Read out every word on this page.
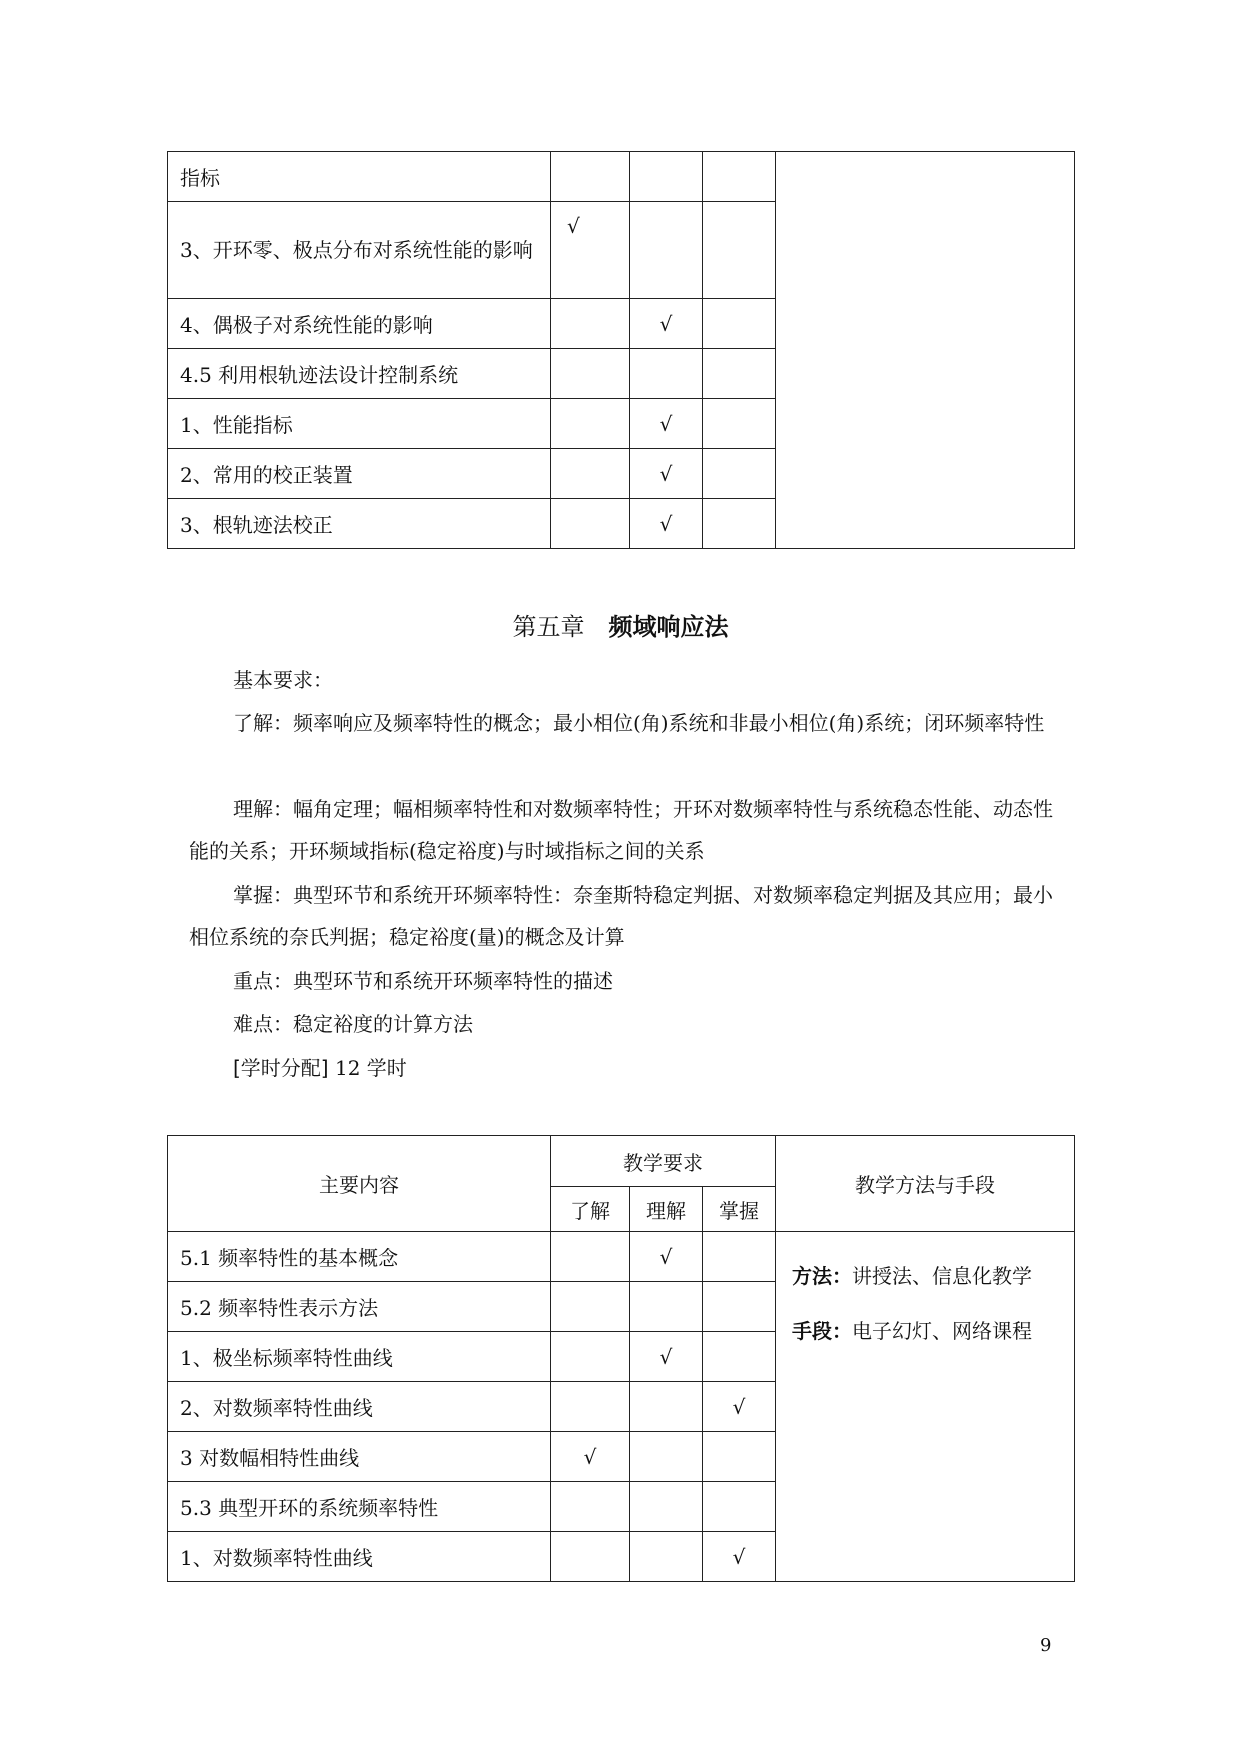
指标				
3、开环零、极点分布对系统性能的影响	√			
4、偶极子对系统性能的影响		√		
4.5 利用根轨迹法设计控制系统				
1、性能指标		√		
2、常用的校正装置		√		
3、根轨迹法校正		√		
第五章 频域响应法
基本要求：
了解：频率响应及频率特性的概念；最小相位(角)系统和非最小相位(角)系统；闭环频率特性
理解：幅角定理；幅相频率特性和对数频率特性；开环对数频率特性与系统稳态性能、动态性能的关系；开环频域指标(稳定裕度)与时域指标之间的关系
掌握：典型环节和系统开环频率特性：奈奎斯特稳定判据、对数频率稳定判据及其应用；最小相位系统的奈氏判据；稳定裕度(量)的概念及计算
重点：典型环节和系统开环频率特性的描述
难点：稳定裕度的计算方法
[学时分配] 12 学时
主要内容	教学要求			教学方法与手段
	了解	理解	掌握	
5.1 频率特性的基本概念		√		方法：讲授法、信息化教学
手段：电子幻灯、网络课程

5.2 频率特性表示方法				
1、极坐标频率特性曲线		√		
2、对数频率特性曲线			√	
3 对数幅相特性曲线	√			
5.3 典型开环的系统频率特性				
1、对数频率特性曲线			√	
9
